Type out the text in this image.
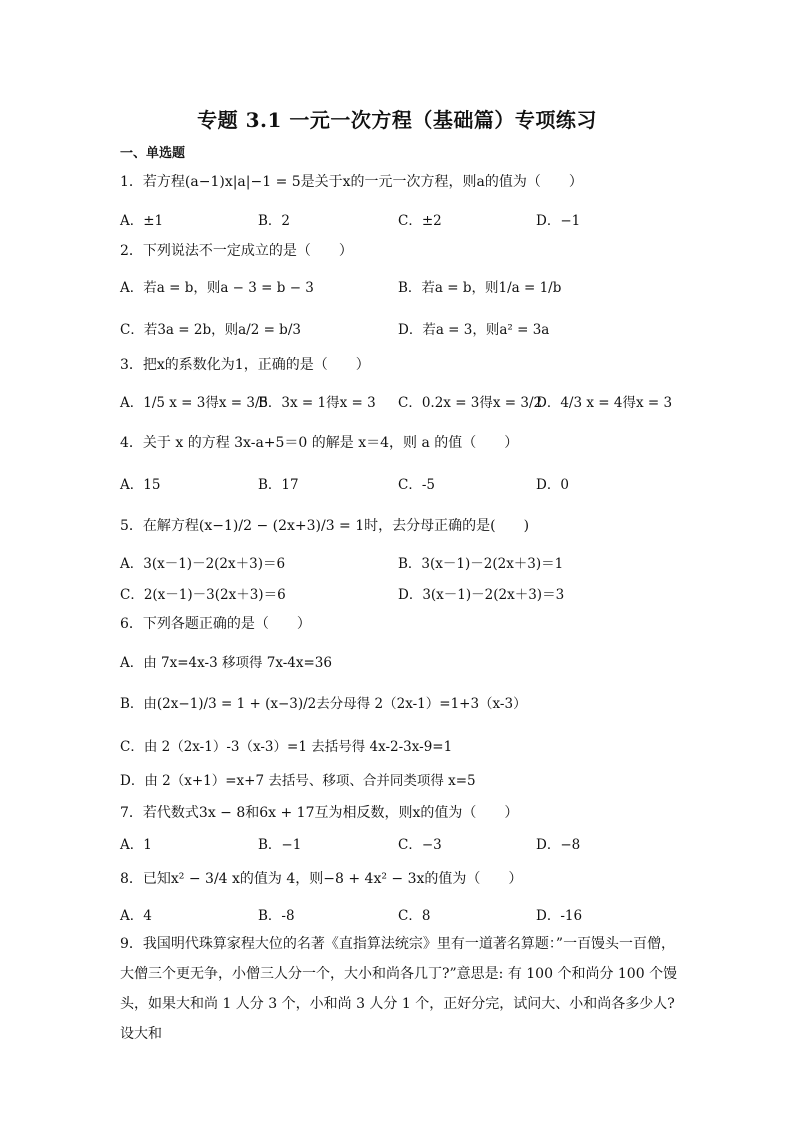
专题 3.1 一元一次方程（基础篇）专项练习
一、单选题
1．若方程(a−1)x|a|−1 = 5是关于x的一元一次方程，则a的值为（　　）
A．±1	B．2	C．±2	D．−1
2．下列说法不一定成立的是（　　）
A．若a = b，则a − 3 = b − 3	B．若a = b，则1/a = 1/b
C．若3a = 2b，则a/2 = b/3	D．若a = 3，则a² = 3a
3．把x的系数化为1，正确的是（　　）
A．1/5 x = 3得x = 3/5
B．3x = 1得x = 3 C．0.2x = 3得x = 3/2
D．4/3 x = 4得x = 3
4．关于 x 的方程 3x-a+5＝0 的解是 x＝4，则 a 的值（　　）
A．15	B．17	C．-5	D．0
5．在解方程(x−1)/2 − (2x+3)/3 = 1时，去分母正确的是(　　)
A．3(x－1)－2(2x＋3)＝6	B．3(x－1)－2(2x＋3)＝1
C．2(x－1)－3(2x＋3)＝6	D．3(x－1)－2(2x＋3)＝3
6．下列各题正确的是（　　）
A．由 7x=4x-3 移项得 7x-4x=36
B．由(2x−1)/3 = 1 + (x−3)/2去分母得 2（2x-1）=1+3（x-3）
C．由 2（2x-1）-3（x-3）=1 去括号得 4x-2-3x-9=1
D．由 2（x+1）=x+7 去括号、移项、合并同类项得 x=5
7．若代数式3x − 8和6x + 17互为相反数，则x的值为（　　）
A．1	B．−1	C．−3	D．−8
8．已知x² − 3/4 x的值为 4，则−8 + 4x² − 3x的值为（　　）
A．4	B．-8	C．8	D．-16
9．我国明代珠算家程大位的名著《直指算法统宗》里有一道著名算题：”一百馒头一百僧，大僧三个更无争，小僧三人分一个，大小和尚各几丁?”意思是: 有 100 个和尚分 100 个馒头，如果大和尚 1 人分 3 个，小和尚 3 人分 1 个，正好分完，试问大、小和尚各多少人?设大和
